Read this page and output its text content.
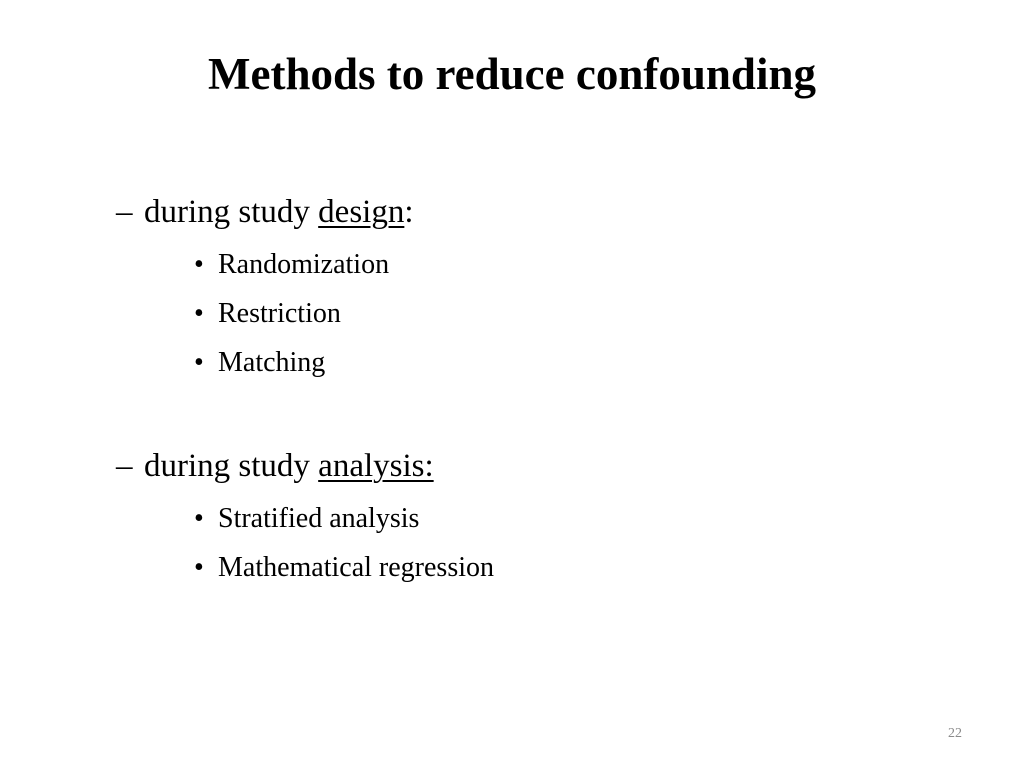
Methods to reduce confounding
– during study design:
• Randomization
• Restriction
• Matching
– during study analysis:
• Stratified analysis
• Mathematical regression
22
